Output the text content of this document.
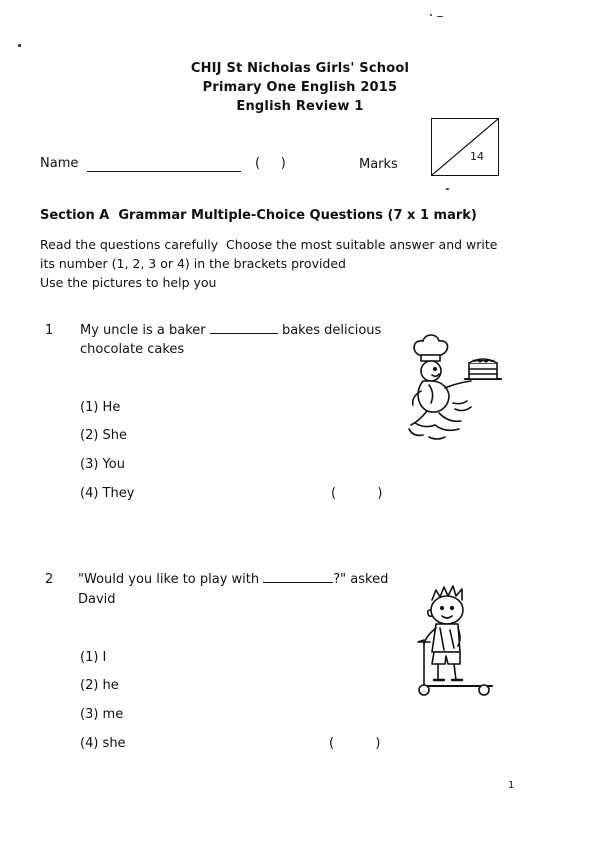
CHIJ St Nicholas Girls' School
Primary One English 2015
English Review 1
Name	(     )	Marks
14
Section A  Grammar Multiple-Choice Questions (7 x 1 mark)
Read the questions carefully  Choose the most suitable answer and write
its number (1, 2, 3 or 4) in the brackets provided
Use the pictures to help you
1 My uncle is a baker	bakes delicious
chocolate cakes
(1) He
(2) She
(3) You
(4) They	(          )
2 "Would you like to play with	?" asked
David
(1) I
(2) he
(3) me
(4) she	(          )
1
